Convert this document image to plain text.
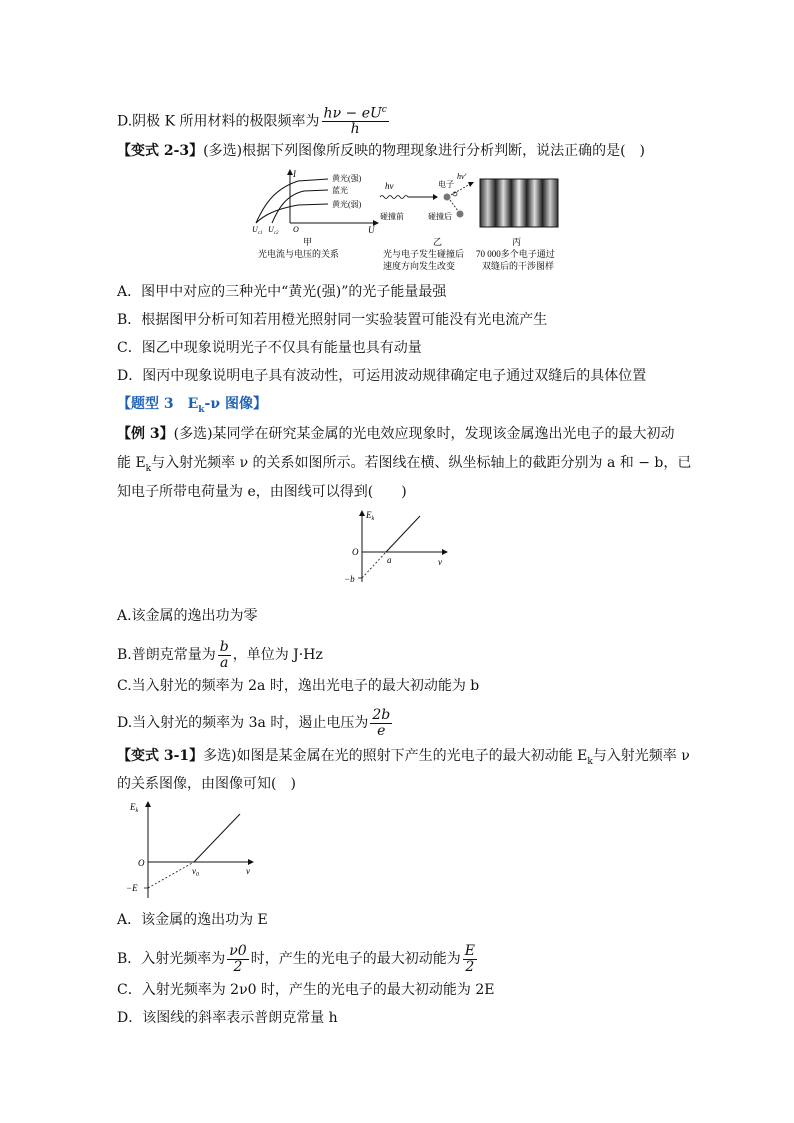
D.阴极 K 所用材料的极限频率为 $\frac{h\nu - eU^c}{h}$
【变式 2-3】(多选)根据下列图像所反映的物理现象进行分析判断，说法正确的是(　)
I
U
O
黄光(强)
蓝光
黄光(弱)
$U_{c1}$ $U_{c2}$
甲
光电流与电压的关系
hν	电子
hν′
碰撞前	碰撞后
乙
光与电子发生碰撞后
速度方向发生改变
丙
70 000多个电子通过
双缝后的干涉图样
A．图甲中对应的三种光中“黄光(强)”的光子能量最强
B．根据图甲分析可知若用橙光照射同一实验装置可能没有光电流产生
C．图乙中现象说明光子不仅具有能量也具有动量
D．图丙中现象说明电子具有波动性，可运用波动规律确定电子通过双缝后的具体位置
【题型 3　$E_k-\nu$ 图像】
【例 3】(多选)某同学在研究某金属的光电效应现象时，发现该金属逸出光电子的最大初动
能 $E_k$与入射光频率 ν 的关系如图所示。若图线在横、纵坐标轴上的截距分别为 a 和 − b，已
知电子所带电荷量为 e，由图线可以得到(　　)
$E_k$
ν
O
a
−b
A.该金属的逸出功为零
B.普朗克常量为 $\frac{b}{a}$ ，单位为 J·Hz
C.当入射光的频率为 2a 时，逸出光电子的最大初动能为 b
D.当入射光的频率为 3a 时，遏止电压为 $\frac{2b}{e}$
【变式 3-1】多选)如图是某金属在光的照射下产生的光电子的最大初动能 $E_k$与入射光频率 ν
的关系图像，由图像可知(　)
$E_k$
ν
O
$\nu_0$
−E
A．该金属的逸出功为 E
B．入射光频率为 $\frac{\nu 0}{2}$ 时，产生的光电子的最大初动能为 $\frac{E}{2}$
C．入射光频率为 2ν0 时，产生的光电子的最大初动能为 2E
D．该图线的斜率表示普朗克常量 h
